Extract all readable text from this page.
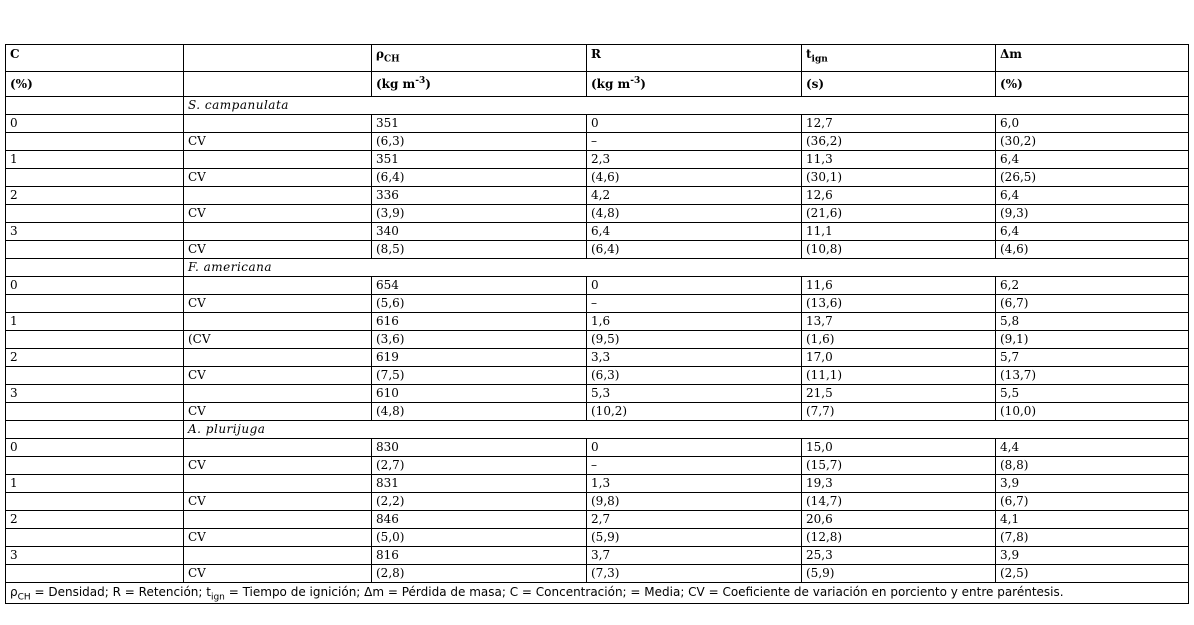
C		$\rho_{CH}$	R	$t_{ign}$	Δm
(%)		(kg $m^{-3}$)	(kg $m^{-3}$)	(s)	(%)
	S. campanulata				
0		351	0	12,7	6,0
	CV	(6,3)	–	(36,2)	(30,2)
1		351	2,3	11,3	6,4
	CV	(6,4)	(4,6)	(30,1)	(26,5)
2		336	4,2	12,6	6,4
	CV	(3,9)	(4,8)	(21,6)	(9,3)
3		340	6,4	11,1	6,4
	CV	(8,5)	(6,4)	(10,8)	(4,6)
	F. americana				
0		654	0	11,6	6,2
	CV	(5,6)	–	(13,6)	(6,7)
1		616	1,6	13,7	5,8
	(CV	(3,6)	(9,5)	(1,6)	(9,1)
2		619	3,3	17,0	5,7
	CV	(7,5)	(6,3)	(11,1)	(13,7)
3		610	5,3	21,5	5,5
	CV	(4,8)	(10,2)	(7,7)	(10,0)
	A. plurijuga				
0		830	0	15,0	4,4
	CV	(2,7)	–	(15,7)	(8,8)
1		831	1,3	19,3	3,9
	CV	(2,2)	(9,8)	(14,7)	(6,7)
2		846	2,7	20,6	4,1
	CV	(5,0)	(5,9)	(12,8)	(7,8)
3		816	3,7	25,3	3,9
	CV	(2,8)	(7,3)	(5,9)	(2,5)
$\rho_{CH}$ = Densidad; R = Retención; $t_{ign}$ = Tiempo de ignición; Δm = Pérdida de masa; C = Concentración; = Media; CV = Coeficiente de variación en porciento y entre paréntesis.					
